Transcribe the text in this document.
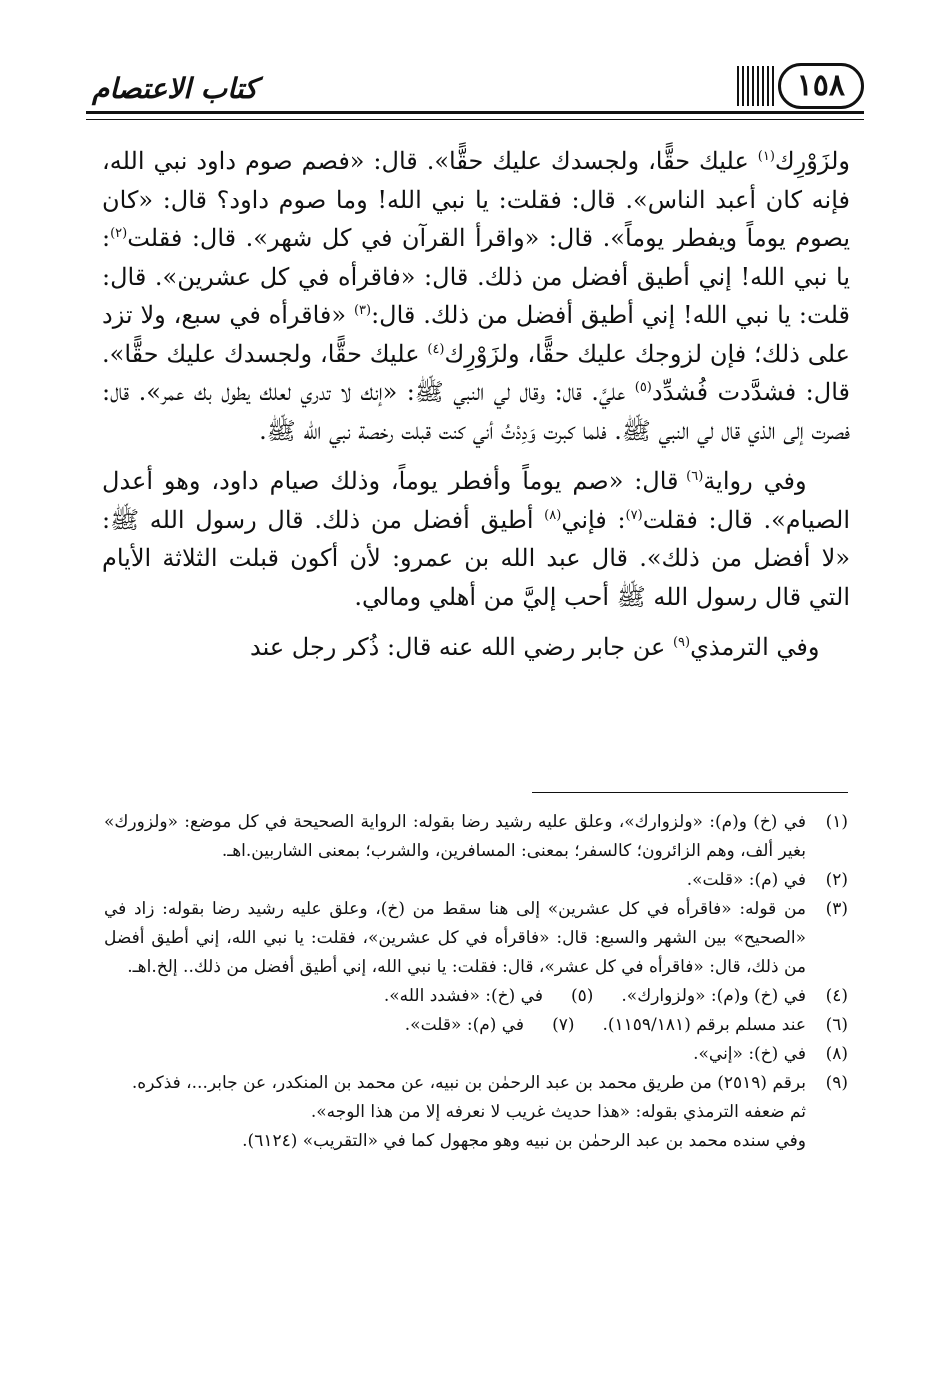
١٥٨
كتاب الاعتصام

ولزَوْرِك$^{(١)}$ عليك حقًّا، ولجسدك عليك حقًّا». قال: «فصم صوم داود نبي الله، فإنه كان أعبد الناس». قال: فقلت: يا نبي الله! وما صوم داود؟ قال: «كان يصوم يوماً ويفطر يوماً». قال: «واقرأ القرآن في كل شهر». قال: فقلت$^{(٢)}$: يا نبي الله! إني أطيق أفضل من ذلك. قال: «فاقرأه في كل عشرين». قال: قلت: يا نبي الله! إني أطيق أفضل من ذلك. قال:$^{(٣)}$ «فاقرأه في سبع، ولا تزد على ذلك؛ فإن لزوجك عليك حقًّا، ولزَوْرِك$^{(٤)}$ عليك حقًّا، ولجسدك عليك حقًّا». قال: فشدَّدت فُشدِّد$^{(٥)}$ عليَّ. قال: وقال لي النبي ﷺ: «إنك لا تدري لعلك يطول بك عمر». قال: فصرت إلى الذي قال لي النبي ﷺ. فلما كبرت وَدِدْتُ أني كنت قبلت رخصة نبي الله ﷺ.

وفي رواية$^{(٦)}$ قال: «صم يوماً وأفطر يوماً، وذلك صيام داود، وهو أعدل الصيام». قال: فقلت$^{(٧)}$: فإني$^{(٨)}$ أطيق أفضل من ذلك. قال رسول الله ﷺ: «لا أفضل من ذلك». قال عبد الله بن عمرو: لأن أكون قبلت الثلاثة الأيام التي قال رسول الله ﷺ أحب إليَّ من أهلي ومالي.

وفي الترمذي$^{(٩)}$ عن جابر رضي الله عنه قال: ذُكر رجل عند

(١)
في (خ) و(م): «ولزوارك»، وعلق عليه رشيد رضا بقوله: الرواية الصحيحة في كل موضع: «ولزورك» بغير ألف، وهم الزائرون؛ كالسفر؛ بمعنى: المسافرين، والشرب؛ بمعنى الشاربين.اهـ.
(٢)
في (م): «قلت».
(٣)
من قوله: «فاقرأه في كل عشرين» إلى هنا سقط من (خ)، وعلق عليه رشيد رضا بقوله: زاد في «الصحيح» بين الشهر والسبع: قال: «فاقرأه في كل عشرين»، فقلت: يا نبي الله، إني أطيق أفضل من ذلك، قال: «فاقرأه في كل عشر»، قال: فقلت: يا نبي الله، إني أطيق أفضل من ذلك.. إلخ.اهـ.
(٤)
في (خ) و(م): «ولزوارك».
(٥)
في (خ): «فشدد الله».
(٦)
عند مسلم برقم (١١٥٩/١٨١).
(٧)
في (م): «قلت».
(٨)
في (خ): «إني».
(٩)
برقم (٢٥١٩) من طريق محمد بن عبد الرحمٰن بن نبيه، عن محمد بن المنكدر، عن جابر...، فذكره.
ثم ضعفه الترمذي بقوله: «هذا حديث غريب لا نعرفه إلا من هذا الوجه».
وفي سنده محمد بن عبد الرحمٰن بن نبيه وهو مجهول كما في «التقريب» (٦١٢٤).
